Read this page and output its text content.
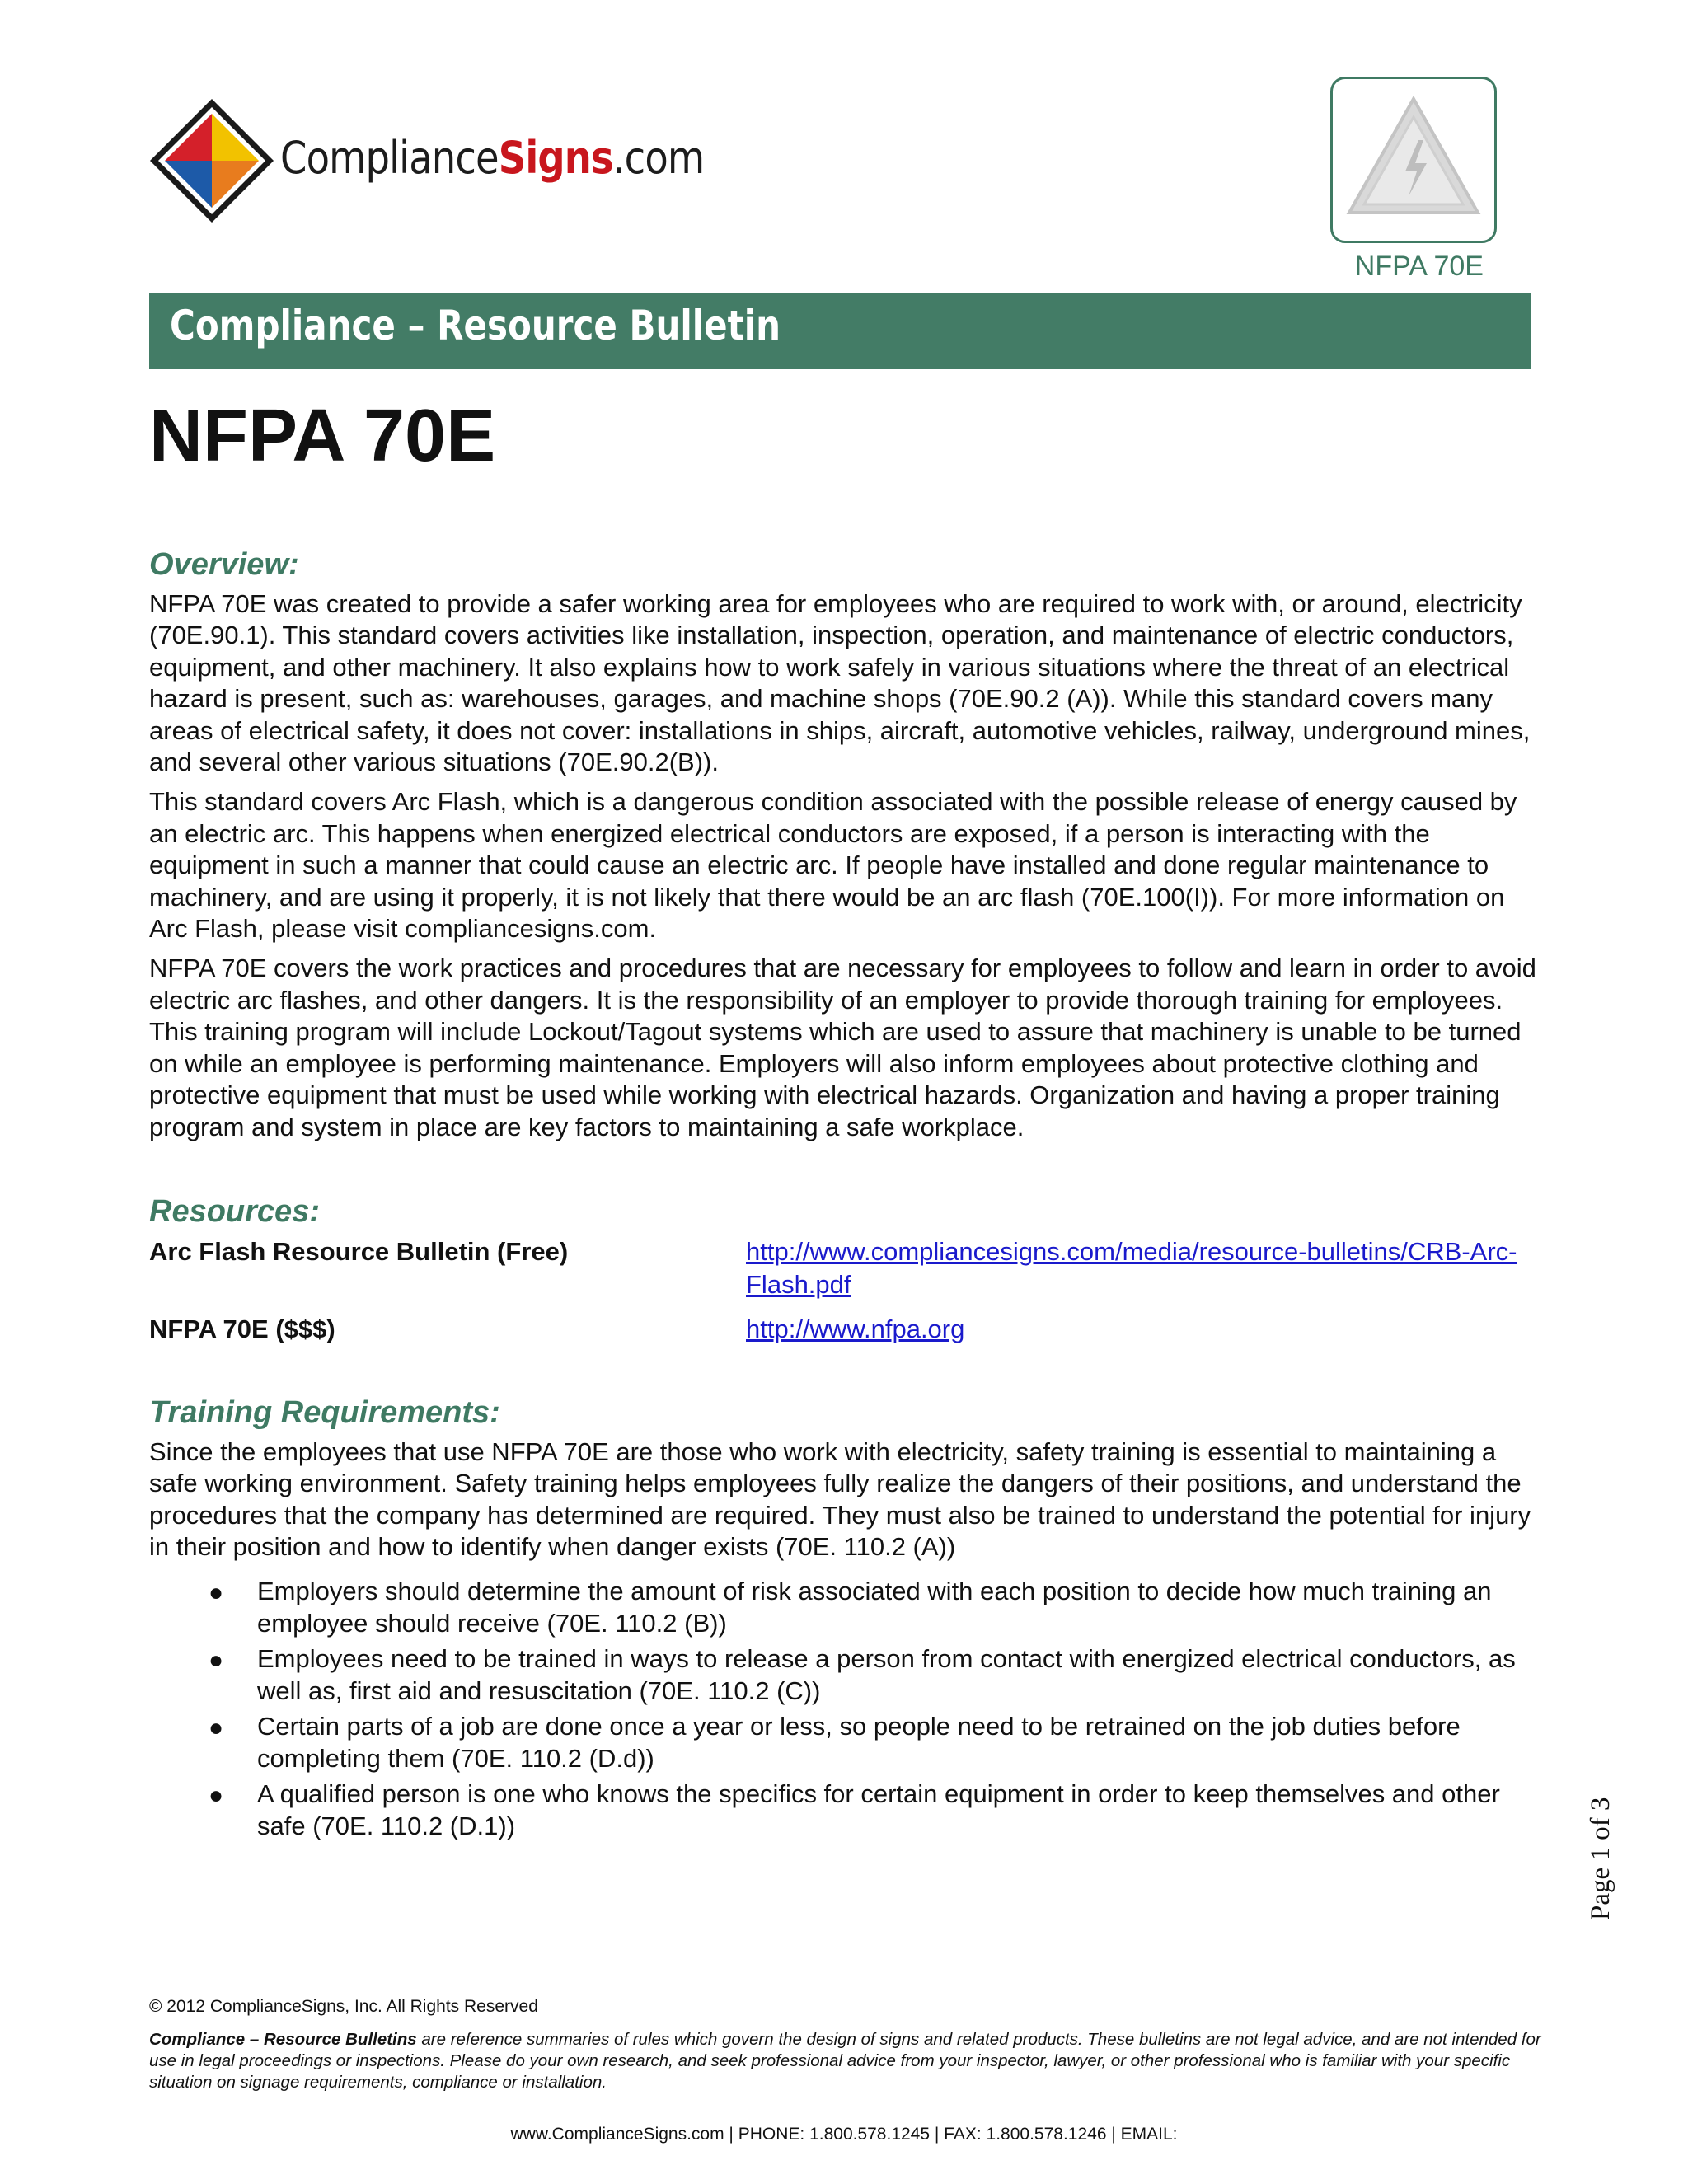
ComplianceSigns.com
NFPA 70E
Compliance – Resource Bulletin
NFPA 70E
Overview:

NFPA 70E was created to provide a safer working area for employees who are required to work with, or around, electricity (70E.90.1). This standard covers activities like installation, inspection, operation, and maintenance of electric conductors, equipment, and other machinery. It also explains how to work safely in various situations where the threat of an electrical hazard is present, such as: warehouses, garages, and machine shops (70E.90.2 (A)). While this standard covers many areas of electrical safety, it does not cover: installations in ships, aircraft, automotive vehicles, railway, underground mines, and several other various situations (70E.90.2(B)).

This standard covers Arc Flash, which is a dangerous condition associated with the possible release of energy caused by an electric arc. This happens when energized electrical conductors are exposed, if a person is interacting with the equipment in such a manner that could cause an electric arc. If people have installed and done regular maintenance to machinery, and are using it properly, it is not likely that there would be an arc flash (70E.100(I)). For more information on Arc Flash, please visit compliancesigns.com.

NFPA 70E covers the work practices and procedures that are necessary for employees to follow and learn in order to avoid electric arc flashes, and other dangers. It is the responsibility of an employer to provide thorough training for employees. This training program will include Lockout/Tagout systems which are used to assure that machinery is unable to be turned on while an employee is performing maintenance. Employers will also inform employees about protective clothing and protective equipment that must be used while working with electrical hazards. Organization and having a proper training program and system in place are key factors to maintaining a safe workplace.

Resources:
Arc Flash Resource Bulletin (Free)	http://www.compliancesigns.com/media/resource-bulletins/CRB-Arc-Flash.pdf
NFPA 70E ($$$)	http://www.nfpa.org
Training Requirements:

Since the employees that use NFPA 70E are those who work with electricity, safety training is essential to maintaining a safe working environment. Safety training helps employees fully realize the dangers of their positions, and understand the procedures that the company has determined are required. They must also be trained to understand the potential for injury in their position and how to identify when danger exists (70E. 110.2 (A))

● Employers should determine the amount of risk associated with each position to decide how much training an employee should receive (70E. 110.2 (B))
● Employees need to be trained in ways to release a person from contact with energized electrical conductors, as well as, first aid and resuscitation (70E. 110.2 (C))
● Certain parts of a job are done once a year or less, so people need to be retrained on the job duties before completing them (70E. 110.2 (D.d))
● A qualified person is one who knows the specifics for certain equipment in order to keep themselves and other safe (70E. 110.2 (D.1))	Page 1 of 3
© 2012 ComplianceSigns, Inc. All Rights Reserved
Compliance – Resource Bulletins are reference summaries of rules which govern the design of signs and related products. These bulletins are not legal advice, and are not intended for use in legal proceedings or inspections. Please do your own research, and seek professional advice from your inspector, lawyer, or other professional who is familiar with your specific situation on signage requirements, compliance or installation.
www.ComplianceSigns.com | PHONE: 1.800.578.1245 | FAX: 1.800.578.1246 | EMAIL:
